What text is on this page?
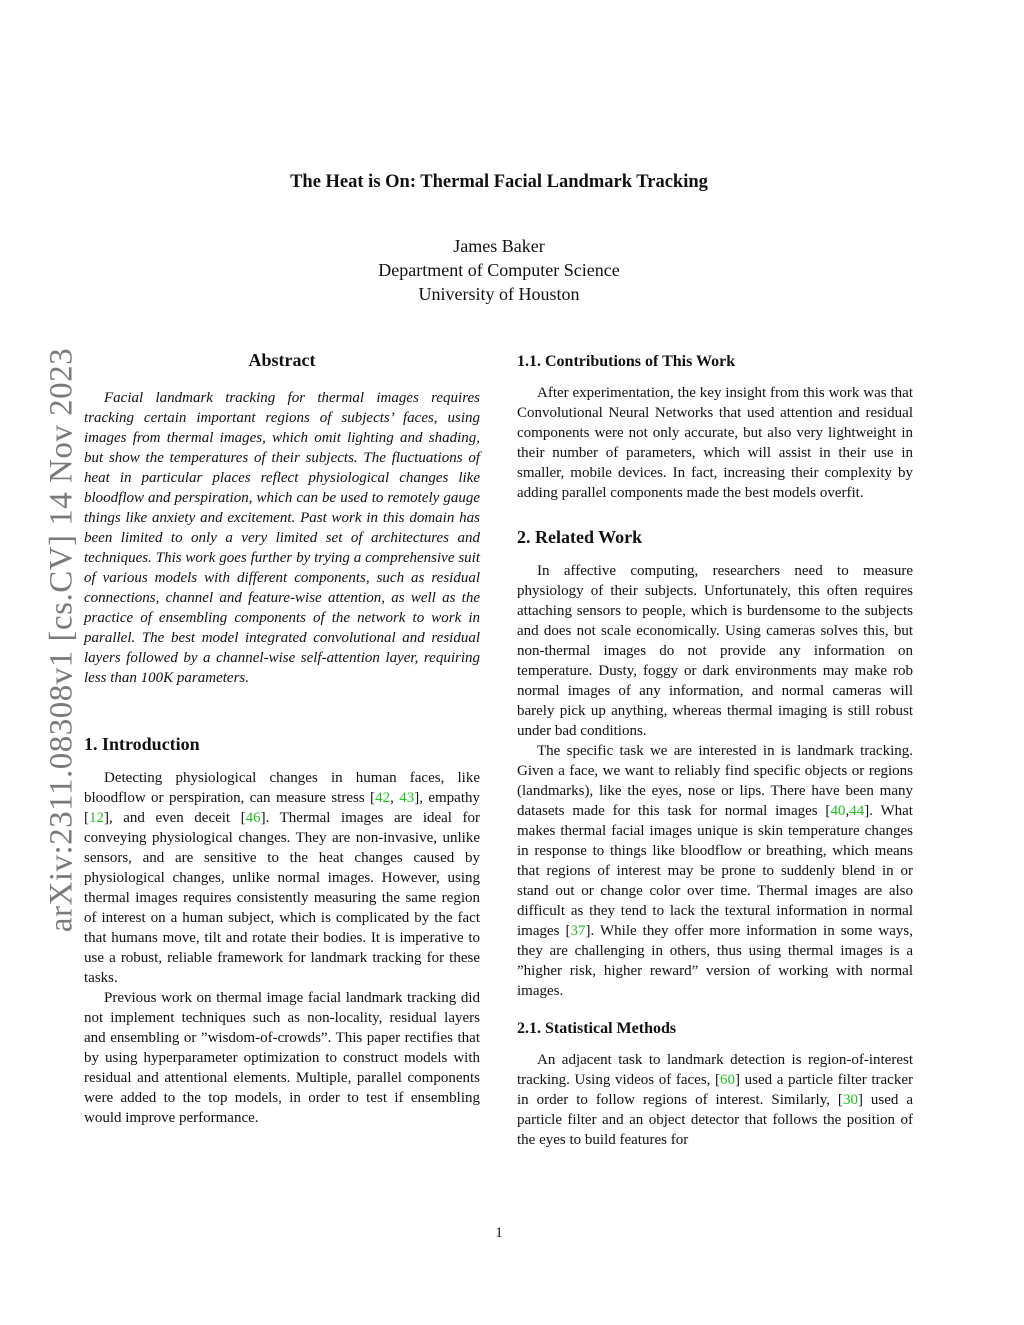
arXiv:2311.08308v1 [cs.CV] 14 Nov 2023
The Heat is On: Thermal Facial Landmark Tracking
James Baker
Department of Computer Science
University of Houston
Abstract

Facial landmark tracking for thermal images requires tracking certain important regions of subjects’ faces, using images from thermal images, which omit lighting and shading, but show the temperatures of their subjects. The fluctuations of heat in particular places reflect physiological changes like bloodflow and perspiration, which can be used to remotely gauge things like anxiety and excitement. Past work in this domain has been limited to only a very limited set of architectures and techniques. This work goes further by trying a comprehensive suit of various models with different components, such as residual connections, channel and feature-wise attention, as well as the practice of ensembling components of the network to work in parallel. The best model integrated convolutional and residual layers followed by a channel-wise self-attention layer, requiring less than 100K parameters.

1. Introduction

Detecting physiological changes in human faces, like bloodflow or perspiration, can measure stress [42, 43], empathy [12], and even deceit [46]. Thermal images are ideal for conveying physiological changes. They are non-invasive, unlike sensors, and are sensitive to the heat changes caused by physiological changes, unlike normal images. However, using thermal images requires consistently measuring the same region of interest on a human subject, which is complicated by the fact that humans move, tilt and rotate their bodies. It is imperative to use a robust, reliable framework for landmark tracking for these tasks.

Previous work on thermal image facial landmark tracking did not implement techniques such as non-locality, residual layers and ensembling or ”wisdom-of-crowds”. This paper rectifies that by using hyperparameter optimization to construct models with residual and attentional elements. Multiple, parallel components were added to the top models, in order to test if ensembling would improve performance.

1.1. Contributions of This Work

After experimentation, the key insight from this work was that Convolutional Neural Networks that used attention and residual components were not only accurate, but also very lightweight in their number of parameters, which will assist in their use in smaller, mobile devices. In fact, increasing their complexity by adding parallel components made the best models overfit.

2. Related Work

In affective computing, researchers need to measure physiology of their subjects. Unfortunately, this often requires attaching sensors to people, which is burdensome to the subjects and does not scale economically. Using cameras solves this, but non-thermal images do not provide any information on temperature. Dusty, foggy or dark environments may make rob normal images of any information, and normal cameras will barely pick up anything, whereas thermal imaging is still robust under bad conditions.

The specific task we are interested in is landmark tracking. Given a face, we want to reliably find specific objects or regions (landmarks), like the eyes, nose or lips. There have been many datasets made for this task for normal images [40,44]. What makes thermal facial images unique is skin temperature changes in response to things like bloodflow or breathing, which means that regions of interest may be prone to suddenly blend in or stand out or change color over time. Thermal images are also difficult as they tend to lack the textural information in normal images [37]. While they offer more information in some ways, they are challenging in others, thus using thermal images is a ”higher risk, higher reward” version of working with normal images.

2.1. Statistical Methods

An adjacent task to landmark detection is region-of-interest tracking. Using videos of faces, [60] used a particle filter tracker in order to follow regions of interest. Similarly, [30] used a particle filter and an object detector that follows the position of the eyes to build features for

1
